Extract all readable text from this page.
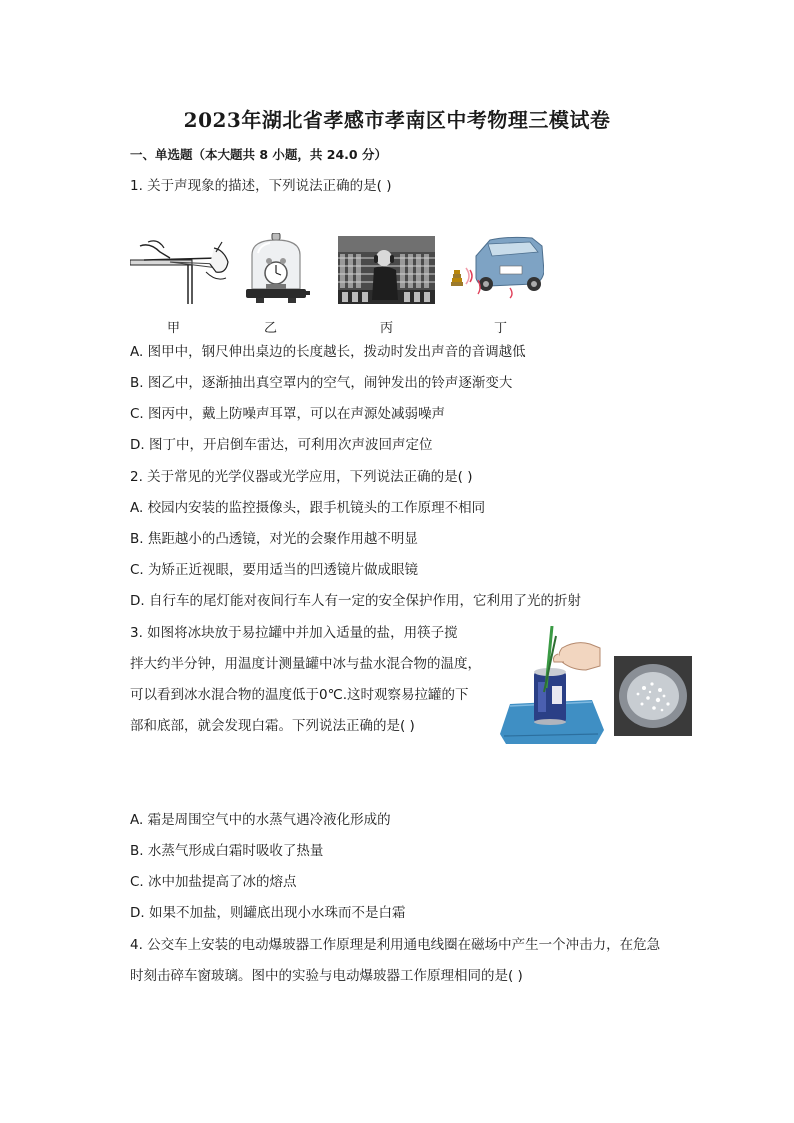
2023年湖北省孝感市孝南区中考物理三模试卷
一、单选题（本大题共 8 小题，共 24.0 分）
1. 关于声现象的描述，下列说法正确的是( )
甲	乙	丙	丁
A. 图甲中，钢尺伸出桌边的长度越长，拨动时发出声音的音调越低
B. 图乙中，逐渐抽出真空罩内的空气，闹钟发出的铃声逐渐变大
C. 图丙中，戴上防噪声耳罩，可以在声源处减弱噪声
D. 图丁中，开启倒车雷达，可利用次声波回声定位
2. 关于常见的光学仪器或光学应用，下列说法正确的是( )
A. 校园内安装的监控摄像头，跟手机镜头的工作原理不相同
B. 焦距越小的凸透镜，对光的会聚作用越不明显
C. 为矫正近视眼，要用适当的凹透镜片做成眼镜
D. 自行车的尾灯能对夜间行车人有一定的安全保护作用，它利用了光的折射
3. 如图将冰块放于易拉罐中并加入适量的盐，用筷子搅
拌大约半分钟，用温度计测量罐中冰与盐水混合物的温度，
可以看到冰水混合物的温度低于0℃.这时观察易拉罐的下
部和底部，就会发现白霜。下列说法正确的是( )
A. 霜是周围空气中的水蒸气遇冷液化形成的
B. 水蒸气形成白霜时吸收了热量
C. 冰中加盐提高了冰的熔点
D. 如果不加盐，则罐底出现小水珠而不是白霜
4. 公交车上安装的电动爆玻器工作原理是利用通电线圈在磁场中产生一个冲击力，在危急
时刻击碎车窗玻璃。图中的实验与电动爆玻器工作原理相同的是( )
